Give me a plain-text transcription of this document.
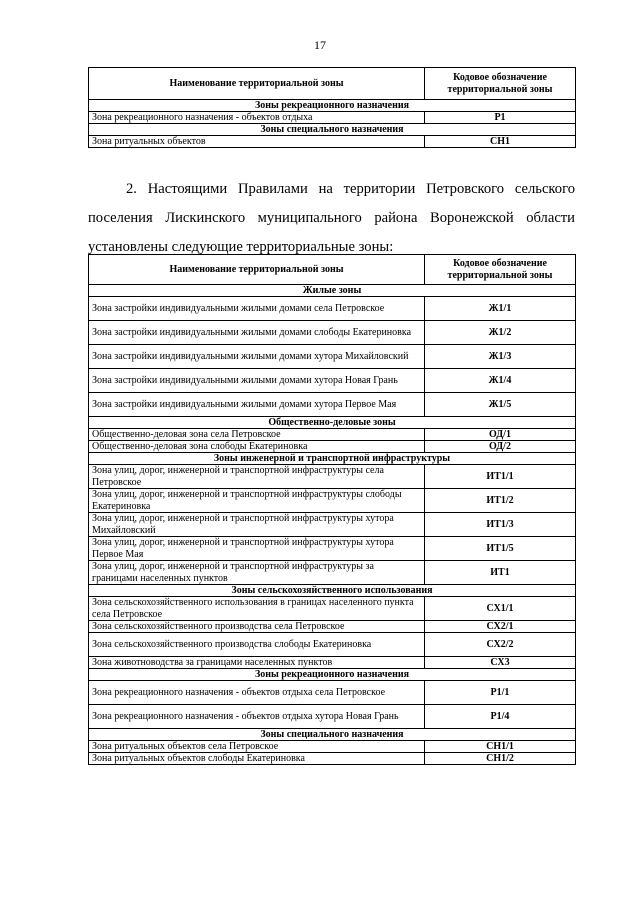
17
Наименование территориальной зоны	Кодовое обозначение территориальной зоны
Зоны рекреационного назначения	
Зона рекреационного назначения - объектов отдыха	Р1
Зоны специального назначения	
Зона ритуальных объектов	СН1

2. Настоящими Правилами на территории Петровского сельского поселения Лискинского муниципального района Воронежской области установлены следующие территориальные зоны:

Наименование территориальной зоны	Кодовое обозначение территориальной зоны
Жилые зоны	
Зона застройки индивидуальными жилыми домами села Петровское	Ж1/1
Зона застройки индивидуальными жилыми домами слободы Екатериновка	Ж1/2
Зона застройки индивидуальными жилыми домами хутора Михайловский	Ж1/3
Зона застройки индивидуальными жилыми домами хутора Новая Грань	Ж1/4
Зона застройки индивидуальными жилыми домами хутора Первое Мая	Ж1/5
Общественно-деловые зоны	
Общественно-деловая зона села Петровское	ОД/1
Общественно-деловая зона слободы Екатериновка	ОД/2
Зоны инженерной и транспортной инфраструктуры	
Зона улиц, дорог, инженерной и транспортной инфраструктуры села Петровское	ИТ1/1
Зона улиц, дорог, инженерной и транспортной инфраструктуры слободы Екатериновка	ИТ1/2
Зона улиц, дорог, инженерной и транспортной инфраструктуры хутора Михайловский	ИТ1/3
Зона улиц, дорог, инженерной и транспортной инфраструктуры хутора Первое Мая	ИТ1/5
Зона улиц, дорог, инженерной и транспортной инфраструктуры за границами населенных пунктов	ИТ1
Зоны сельскохозяйственного использования	
Зона сельскохозяйственного использования в границах населенного пункта села Петровское	СХ1/1
Зона сельскохозяйственного производства села Петровское	СХ2/1
Зона сельскохозяйственного производства слободы Екатериновка	СХ2/2
Зона животноводства за границами населенных пунктов	СХ3
Зоны рекреационного назначения	
Зона рекреационного назначения - объектов отдыха села Петровское	Р1/1
Зона рекреационного назначения - объектов отдыха хутора Новая Грань	Р1/4
Зоны специального назначения	
Зона ритуальных объектов села Петровское	СН1/1
Зона ритуальных объектов слободы Екатериновка	СН1/2
